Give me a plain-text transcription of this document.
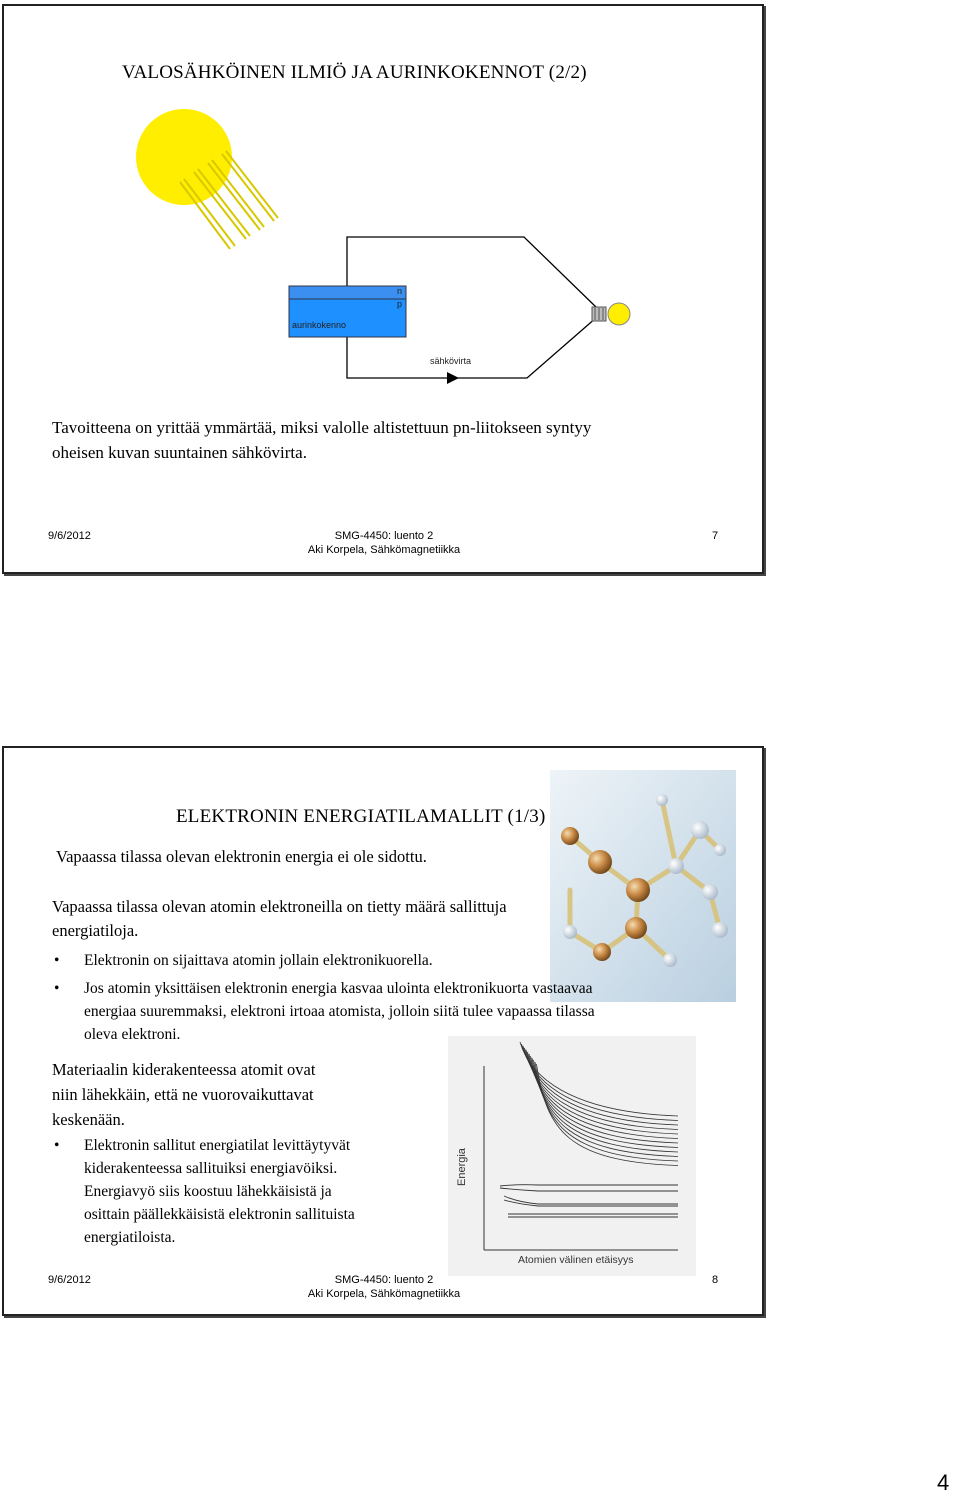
VALOSÄHKÖINEN ILMIÖ JA AURINKOKENNOT (2/2)
n
p
aurinkokenno
sähkövirta
Tavoitteena on yrittää ymmärtää, miksi valolle altistettuun pn-liitokseen syntyy
oheisen kuvan suuntainen sähkövirta.
9/6/2012	SMG-4450: luento 2
Aki Korpela, Sähkömagnetiikka
7
ELEKTRONIN ENERGIATILAMALLIT (1/3)
Vapaassa tilassa olevan elektronin energia ei ole sidottu.
Vapaassa tilassa olevan atomin elektroneilla on tietty määrä sallittuja
energiatiloja.
• Elektronin on sijaittava atomin jollain elektronikuorella.
• Jos atomin yksittäisen elektronin energia kasvaa ulointa elektronikuorta vastaavaa
energiaa suuremmaksi, elektroni irtoaa atomista, jolloin siitä tulee vapaassa tilassa
oleva elektroni.
Materiaalin kiderakenteessa atomit ovat
niin lähekkäin, että ne vuorovaikuttavat
keskenään.
• Elektronin sallitut energiatilat levittäytyvät
kiderakenteessa sallituiksi energiavöiksi.
Energiavyö siis koostuu lähekkäisistä ja
osittain päällekkäisistä elektronin sallituista
energiatiloista.
Energia
Atomien välinen etäisyys
9/6/2012	SMG-4450: luento 2
Aki Korpela, Sähkömagnetiikka
8
4
